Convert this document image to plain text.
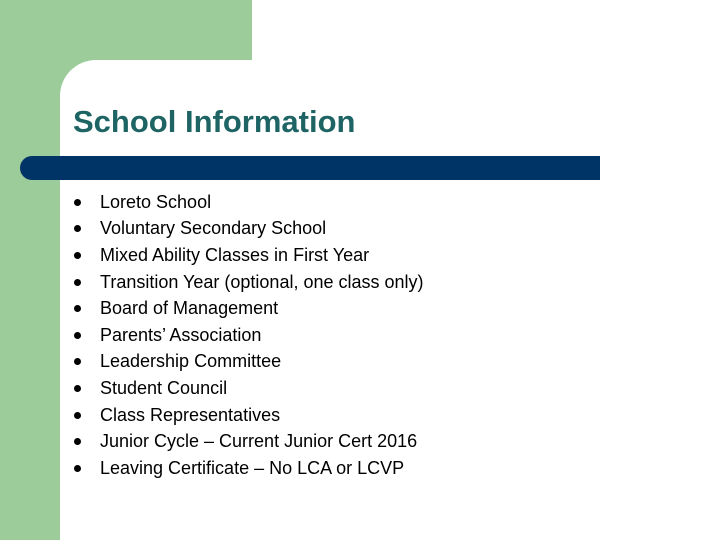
School Information
Loreto School
Voluntary Secondary School
Mixed Ability Classes in First Year
Transition Year (optional, one class only)
Board of Management
Parents’ Association
Leadership Committee
Student Council
Class Representatives
Junior Cycle – Current Junior Cert 2016
Leaving Certificate – No LCA or LCVP
